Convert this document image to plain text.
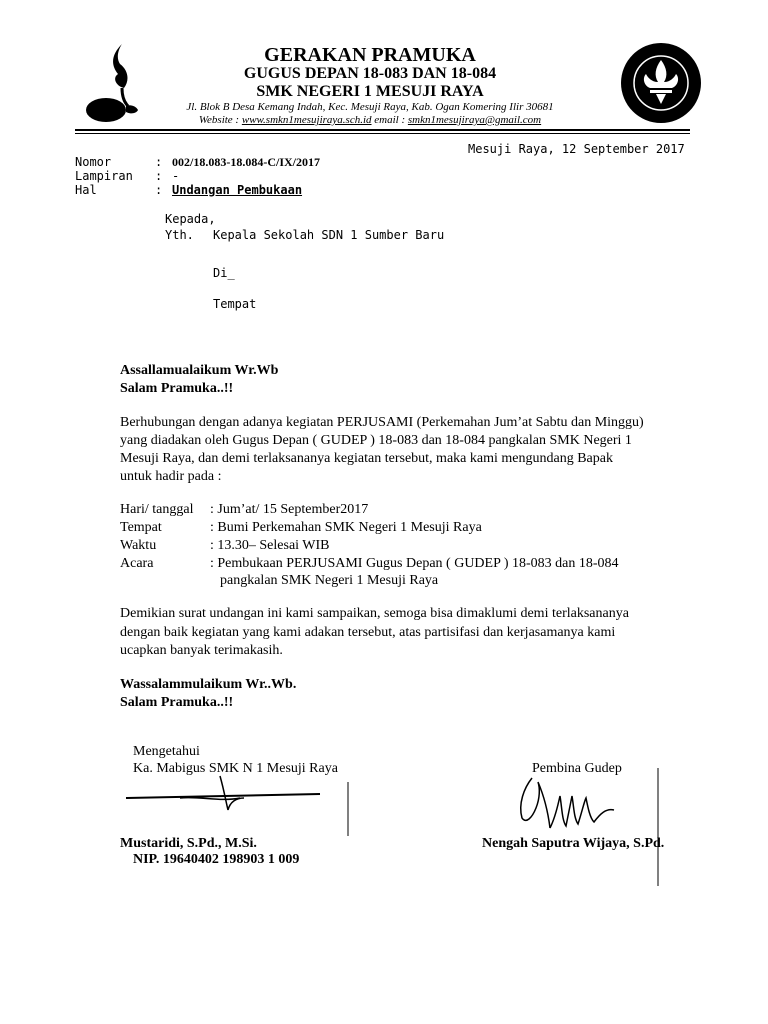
GERAKAN PRAMUKA
GUGUS DEPAN 18-083 DAN 18-084
SMK NEGERI 1 MESUJI RAYA
Jl. Blok B Desa Kemang Indah, Kec. Mesuji Raya, Kab. Ogan Komering Ilir 30681
Website : www.smkn1mesujiraya.sch.id email : smkn1mesujiraya@gmail.com
Mesuji Raya, 12 September 2017
Nomor	: 002/18.083-18.084-C/IX/2017
Lampiran : -
Hal	: Undangan Pembukaan
Kepada,
Yth. Kepala Sekolah SDN 1 Sumber Baru
Di_
Tempat
Assallamualaikum Wr.Wb
Salam Pramuka..!!
Berhubungan dengan adanya kegiatan PERJUSAMI (Perkemahan Jum’at Sabtu dan Minggu)
yang diadakan oleh Gugus Depan ( GUDEP ) 18-083 dan 18-084 pangkalan SMK Negeri 1
Mesuji Raya, dan demi terlaksananya kegiatan tersebut, maka kami mengundang Bapak
untuk hadir pada :
Hari/ tanggal : Jum’at/ 15 September2017
Tempat	: Bumi Perkemahan SMK Negeri 1 Mesuji Raya
Waktu	: 13.30– Selesai WIB
Acara	: Pembukaan PERJUSAMI Gugus Depan ( GUDEP ) 18-083 dan 18-084
pangkalan SMK Negeri 1 Mesuji Raya
Demikian surat undangan ini kami sampaikan, semoga bisa dimaklumi demi terlaksananya
dengan baik kegiatan yang kami adakan tersebut, atas partisifasi dan kerjasamanya kami
ucapkan banyak terimakasih.
Wassalammulaikum Wr..Wb.
Salam Pramuka..!!
Mengetahui
Ka. Mabigus SMK N 1 Mesuji Raya
Mustaridi, S.Pd., M.Si.
NIP. 19640402 198903 1 009
Pembina Gudep
Nengah Saputra Wijaya, S.Pd.
